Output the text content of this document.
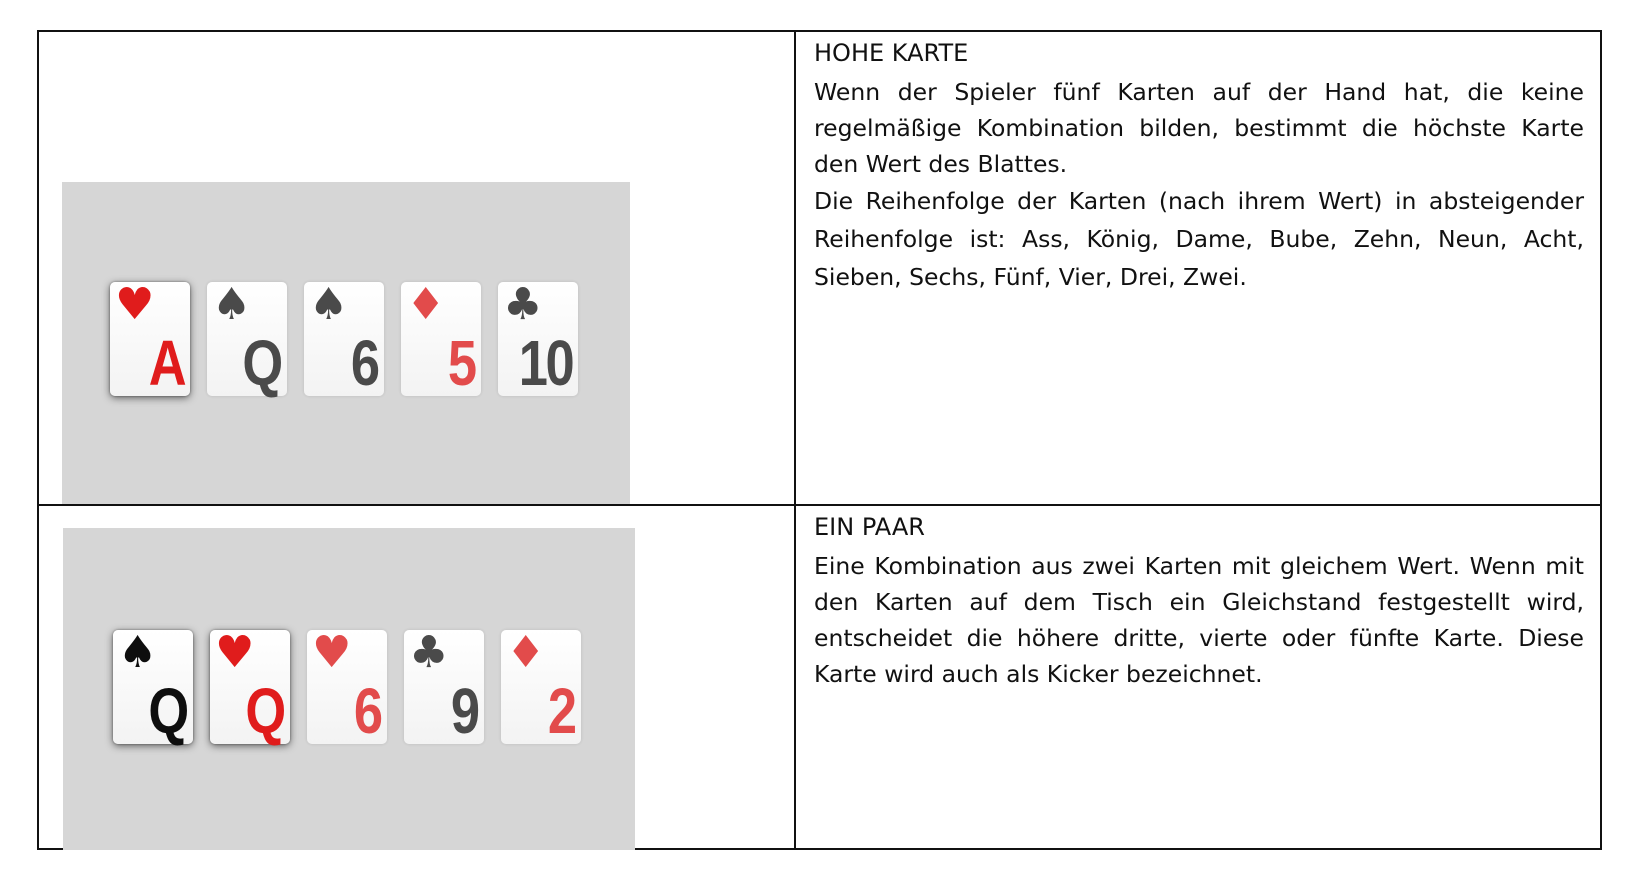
♥
A
♠
Q
♠
6
♦
5
♣
10
HOHE KARTE

Wenn der Spieler fünf Karten auf der Hand hat, die keine regelmäßige Kombination bilden, bestimmt die höchste Karte den Wert des Blattes.

Die Reihenfolge der Karten (nach ihrem Wert) in absteigender Reihenfolge ist: Ass, König, Dame, Bube, Zehn, Neun, Acht, Sieben, Sechs, Fünf, Vier, Drei, Zwei.

♠
Q
♥
Q
♥
6
♣
9
♦
2
EIN PAAR

Eine Kombination aus zwei Karten mit gleichem Wert. Wenn mit den Karten auf dem Tisch ein Gleichstand festgestellt wird, entscheidet die höhere dritte, vierte oder fünfte Karte. Diese Karte wird auch als Kicker bezeichnet.
